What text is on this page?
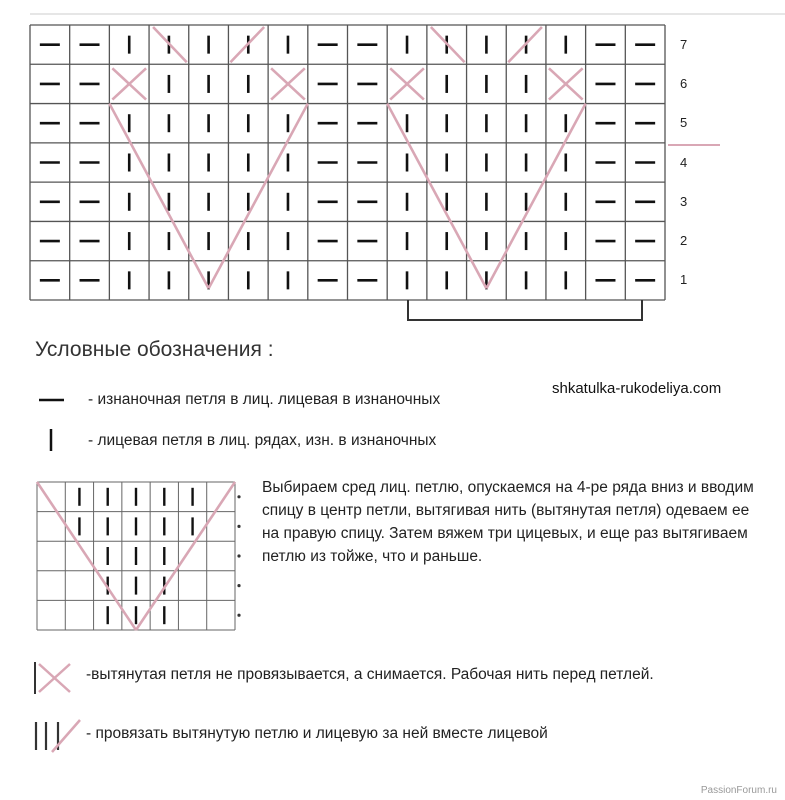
7
6
5
4
3
2
1
Условные обозначения :
shkatulka-rukodeliya.com
- изнаночная петля в лиц. лицевая в изнаночных
- лицевая петля в лиц. рядах, изн. в изнаночных
Выбираем сред лиц. петлю, опускаемся на 4-ре ряда вниз и вводим спицу в центр петли, вытягивая нить (вытянутая петля) одеваем ее на правую спицу. Затем вяжем три цицевых, и еще раз вытягиваем петлю из тойже, что и раньше.
-вытянутая петля не провязывается, а снимается. Рабочая нить перед петлей.
- провязать вытянутую петлю и лицевую за ней вместе лицевой
PassionForum.ru
